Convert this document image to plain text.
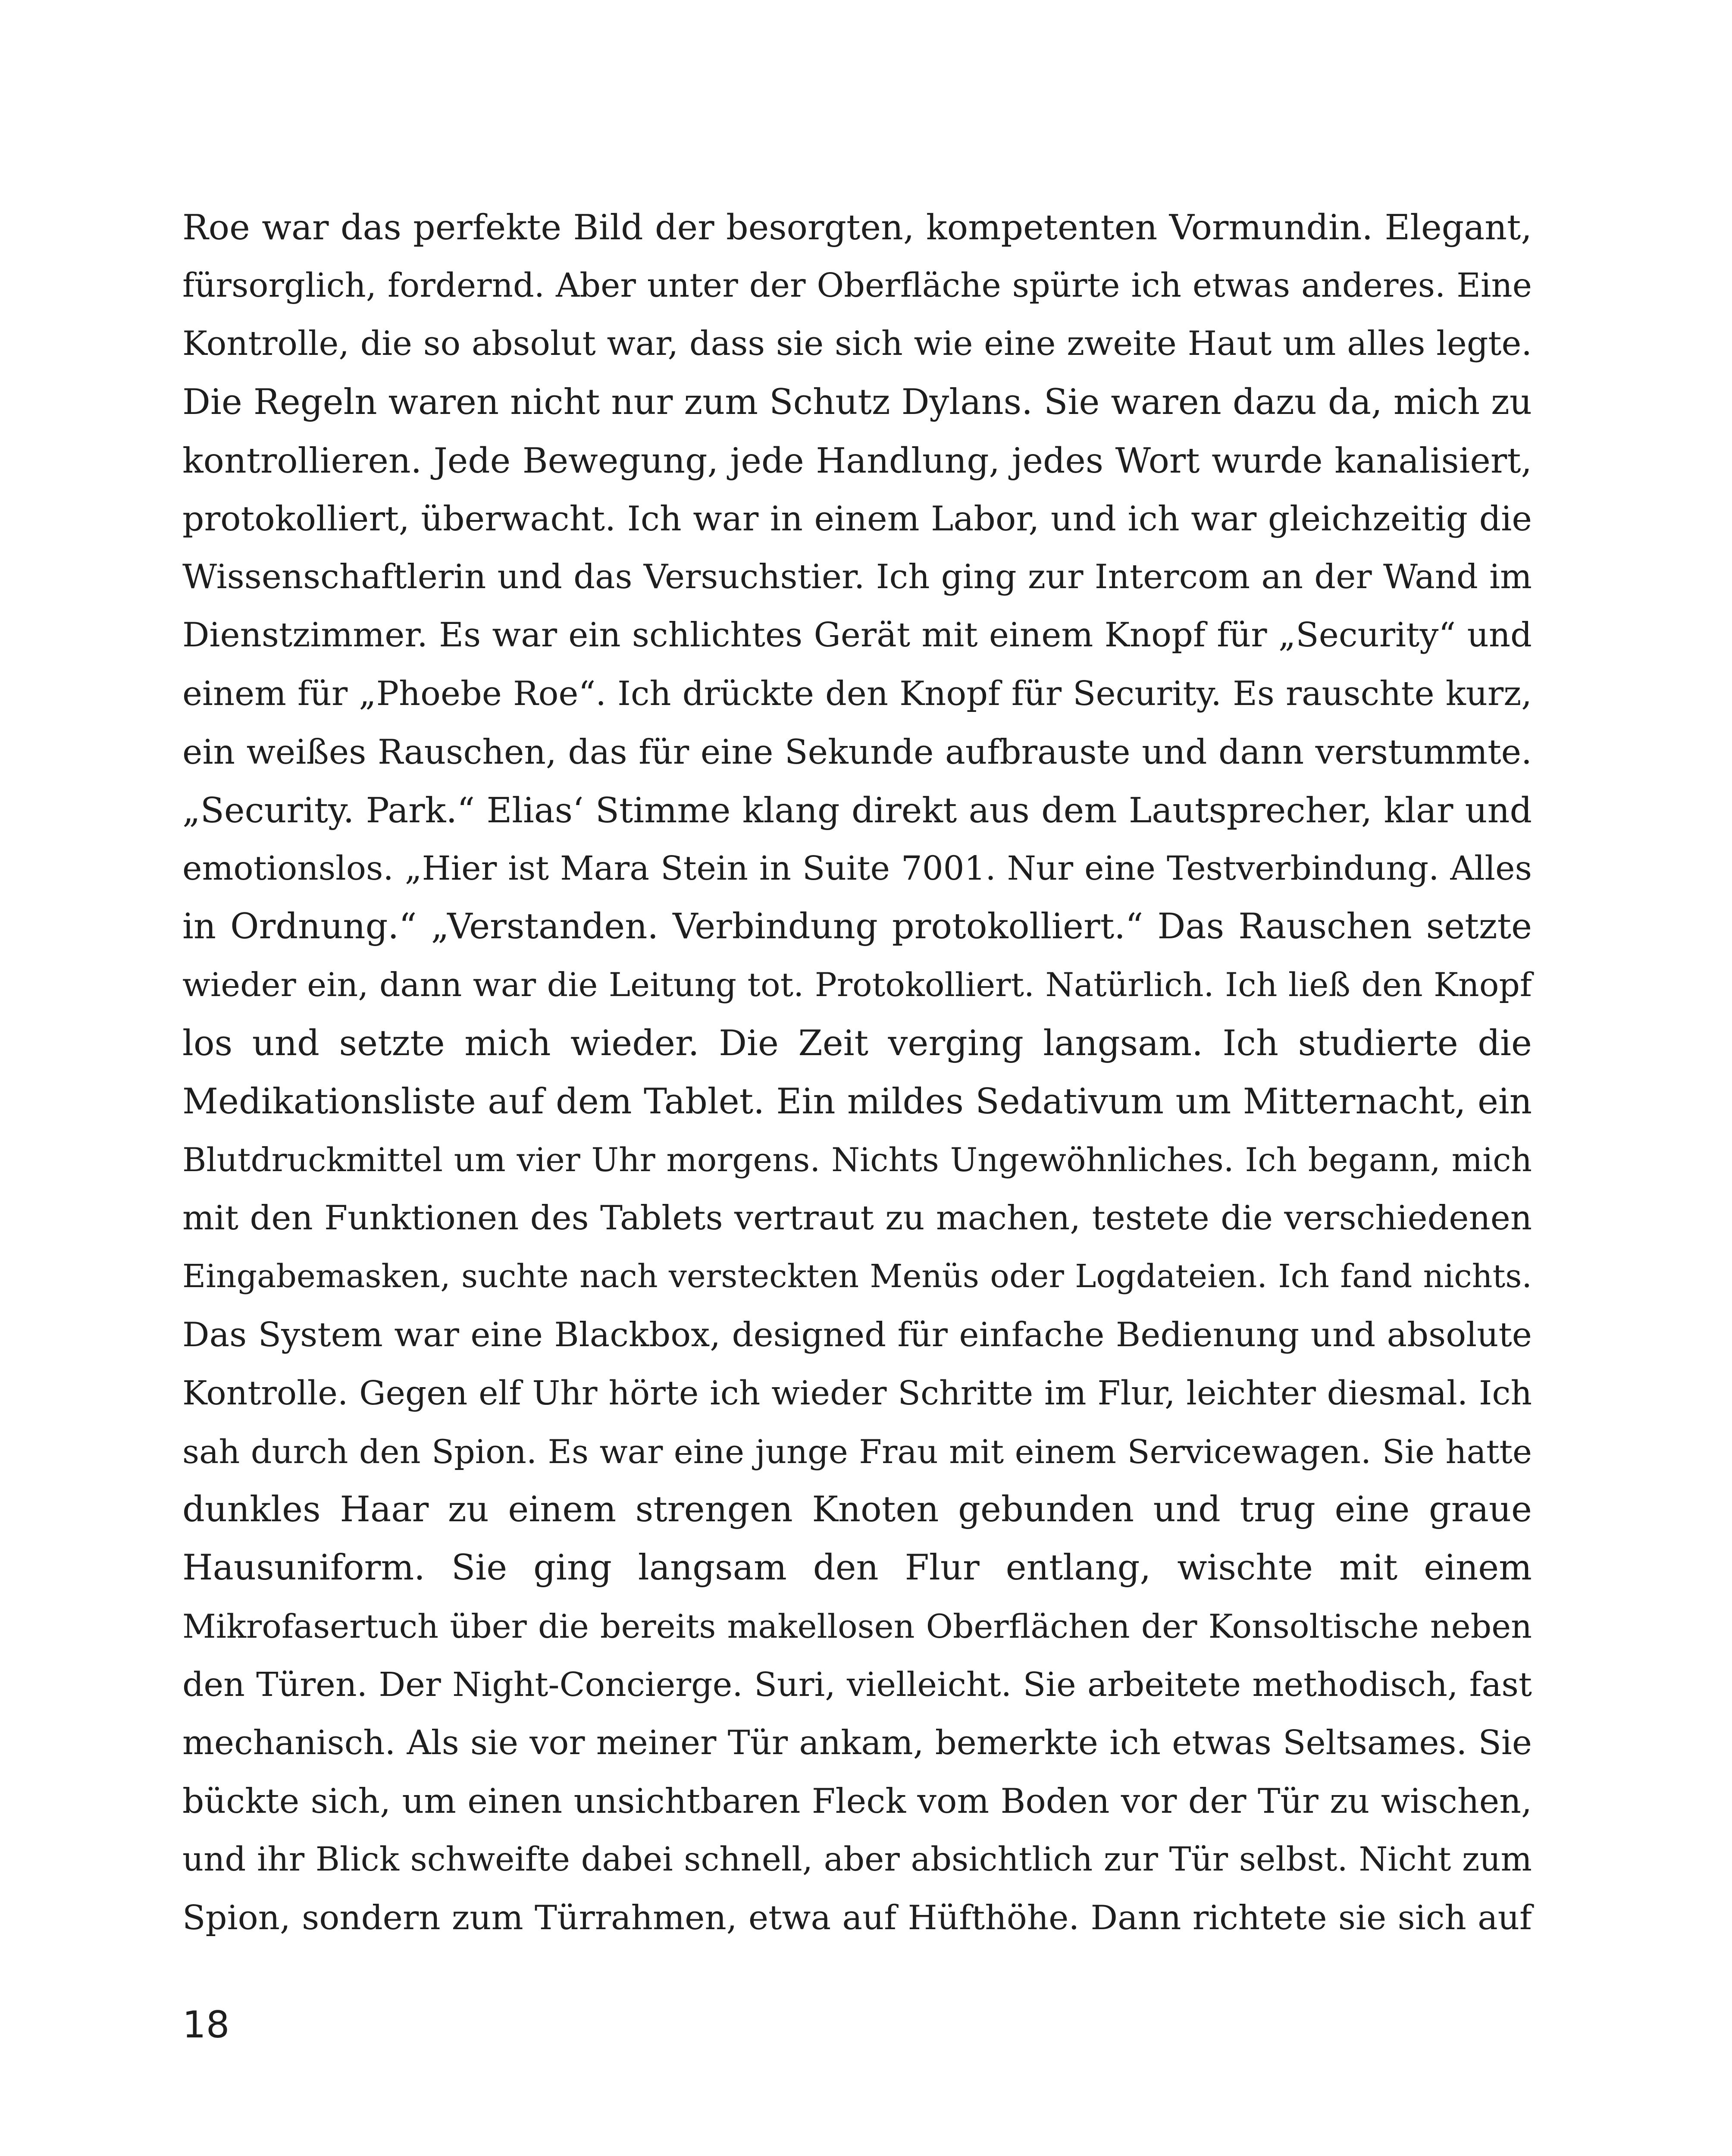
Roe war das perfekte Bild der besorgten, kompetenten Vormundin. Elegant,
fürsorglich, fordernd. Aber unter der Oberfläche spürte ich etwas anderes. Eine
Kontrolle, die so absolut war, dass sie sich wie eine zweite Haut um alles legte.
Die Regeln waren nicht nur zum Schutz Dylans. Sie waren dazu da, mich zu
kontrollieren. Jede Bewegung, jede Handlung, jedes Wort wurde kanalisiert,
protokolliert, überwacht. Ich war in einem Labor, und ich war gleichzeitig die
Wissenschaftlerin und das Versuchstier. Ich ging zur Intercom an der Wand im
Dienstzimmer. Es war ein schlichtes Gerät mit einem Knopf für „Security“ und
einem für „Phoebe Roe“. Ich drückte den Knopf für Security. Es rauschte kurz,
ein weißes Rauschen, das für eine Sekunde aufbrauste und dann verstummte.
„Security. Park.“ Elias‘ Stimme klang direkt aus dem Lautsprecher, klar und
emotionslos. „Hier ist Mara Stein in Suite 7001. Nur eine Testverbindung. Alles
in Ordnung.“ „Verstanden. Verbindung protokolliert.“ Das Rauschen setzte
wieder ein, dann war die Leitung tot. Protokolliert. Natürlich. Ich ließ den Knopf
los und setzte mich wieder. Die Zeit verging langsam. Ich studierte die
Medikationsliste auf dem Tablet. Ein mildes Sedativum um Mitternacht, ein
Blutdruckmittel um vier Uhr morgens. Nichts Ungewöhnliches. Ich begann, mich
mit den Funktionen des Tablets vertraut zu machen, testete die verschiedenen
Eingabemasken, suchte nach versteckten Menüs oder Logdateien. Ich fand nichts.
Das System war eine Blackbox, designed für einfache Bedienung und absolute
Kontrolle. Gegen elf Uhr hörte ich wieder Schritte im Flur, leichter diesmal. Ich
sah durch den Spion. Es war eine junge Frau mit einem Servicewagen. Sie hatte
dunkles Haar zu einem strengen Knoten gebunden und trug eine graue
Hausuniform. Sie ging langsam den Flur entlang, wischte mit einem
Mikrofasertuch über die bereits makellosen Oberflächen der Konsoltische neben
den Türen. Der Night-Concierge. Suri, vielleicht. Sie arbeitete methodisch, fast
mechanisch. Als sie vor meiner Tür ankam, bemerkte ich etwas Seltsames. Sie
bückte sich, um einen unsichtbaren Fleck vom Boden vor der Tür zu wischen,
und ihr Blick schweifte dabei schnell, aber absichtlich zur Tür selbst. Nicht zum
Spion, sondern zum Türrahmen, etwa auf Hüfthöhe. Dann richtete sie sich auf
18
